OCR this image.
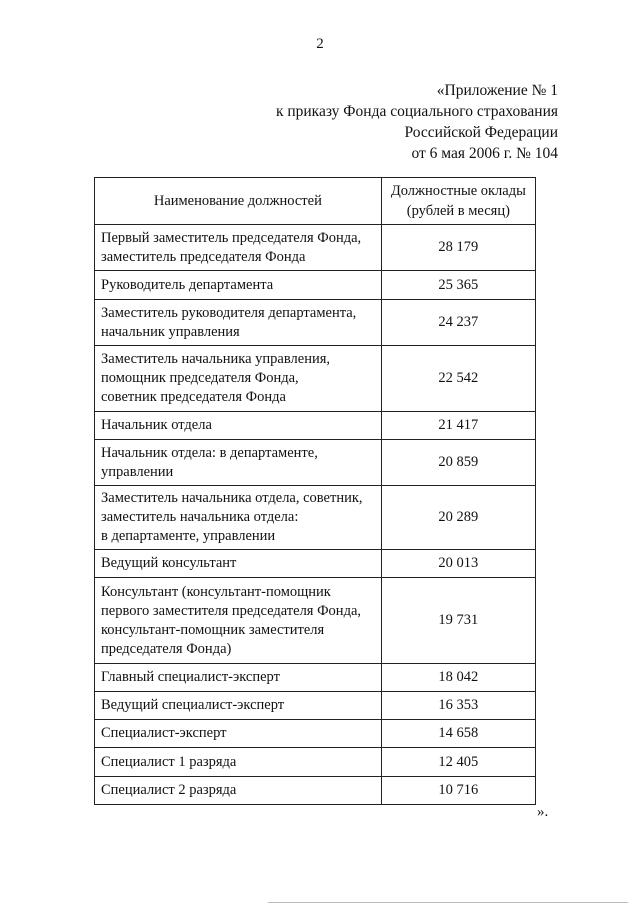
2
«Приложение № 1
к приказу Фонда социального страхования
Российской Федерации
от 6 мая 2006 г. № 104
Наименование должностей	Должностные оклады
(рублей в месяц)

Первый заместитель председателя Фонда,
заместитель председателя Фонда	28 179

Руководитель департамента	25 365

Заместитель руководителя департамента,
начальник управления	24 237

Заместитель начальника управления,
помощник председателя Фонда,
советник председателя Фонда	22 542

Начальник отдела	21 417

Начальник отдела: в департаменте,
управлении	20 859

Заместитель начальника отдела, советник,
заместитель начальника отдела:
в департаменте, управлении	20 289

Ведущий консультант	20 013

Консультант (консультант-помощник
первого заместителя председателя Фонда,
консультант-помощник заместителя
председателя Фонда)	19 731

Главный специалист-эксперт	18 042

Ведущий специалист-эксперт	16 353

Специалист-эксперт	14 658

Специалист 1 разряда	12 405

Специалист 2 разряда	10 716
».
